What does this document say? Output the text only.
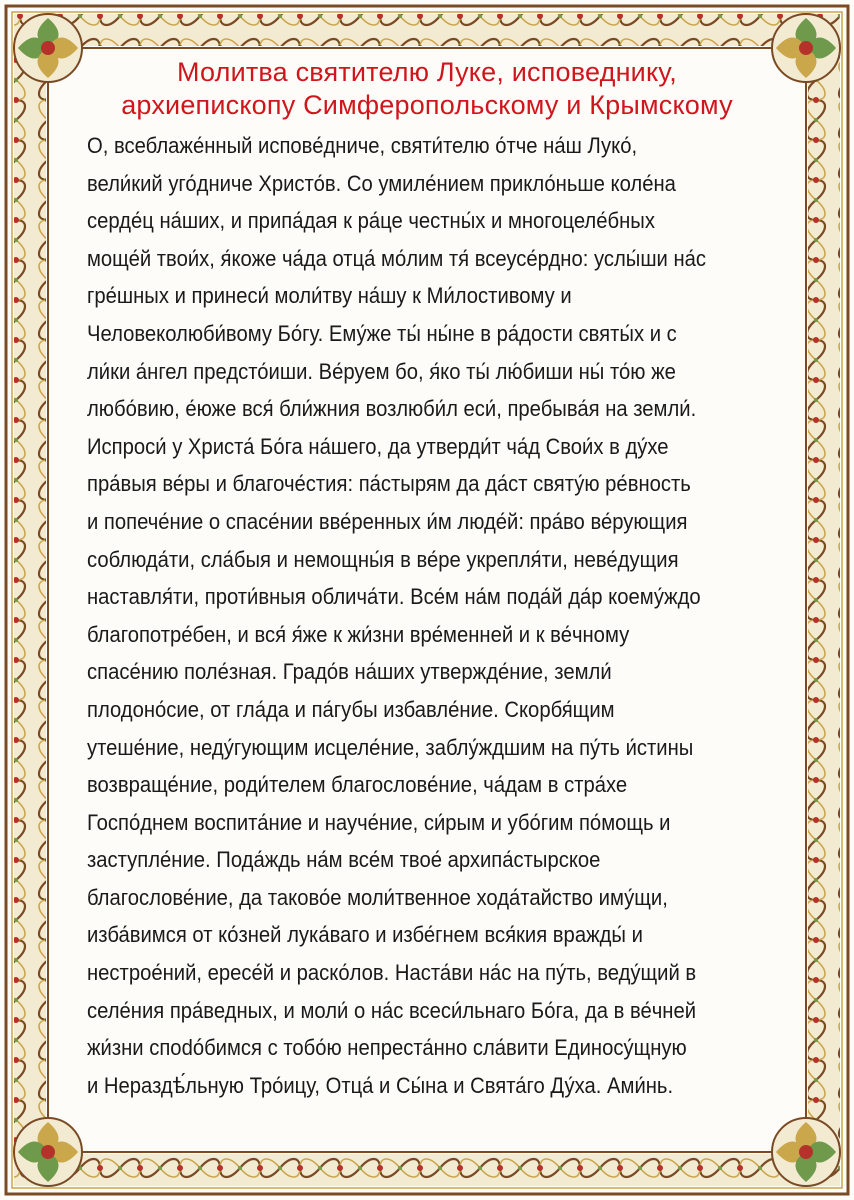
Молитва святителю Луке, исповеднику,
архиепископу Симферопольскому и Крымскому
О, всеблаже́нный испове́дниче, святи́телю о́тче на́ш Луко́,
вели́кий уго́дниче Христо́в. Со умиле́нием прикло́ньше коле́на
серде́ц на́ших, и припа́дая к ра́це честны́х и многоцеле́бных
моще́й твои́х, я́коже ча́да отца́ мо́лим тя́ всеусе́рдно: услы́ши на́с
гре́шных и принеси́ моли́тву на́шу к Ми́лостивому и
Человеколюби́вому Бо́гу. Ему́же ты́ ны́не в ра́дости святы́х и с
ли́ки а́нгел предсто́иши. Ве́руем бо, я́ко ты́ лю́биши ны́ то́ю же
любо́вию, е́юже вся́ бли́жния возлюби́л еси́, пребыва́я на земли́.
Испроси́ у Христа́ Бо́га на́шего, да утверди́т ча́д Свои́х в ду́хе
пра́выя ве́ры и благоче́стия: па́стырям да да́ст святу́ю ре́вность
и попече́ние о спасе́нии вве́ренных и́м люде́й: пра́во ве́рующия
соблюда́ти, сла́быя и немощны́я в ве́ре укрепля́ти, неве́дущия
наставля́ти, проти́вныя облича́ти. Все́м на́м пода́й да́р коему́ждо
благопотре́бен, и вся́ я́же к жи́зни вре́менней и к ве́чному
спасе́нию поле́зная. Градо́в на́ших утвержде́ние, земли́
плодоно́сие, от гла́да и па́губы избавле́ние. Скорбя́щим
утеше́ние, неду́гующим исцеле́ние, заблу́ждшим на пу́ть и́стины
возвраще́ние, роди́телем благослове́ние, ча́дам в стра́хе
Госпо́днем воспита́ние и науче́ние, си́рым и убо́гим по́мощь и
заступле́ние. Пода́ждь на́м все́м твое́ архипа́стырское
благослове́ние, да таково́е моли́твенное хода́тайство иму́щи,
изба́вимся от ко́зней лука́ваго и избе́гнем вся́кия вражды́ и
нестрое́ний, ересе́й и раско́лов. Наста́ви на́с на пу́ть, веду́щий в
селе́ния пра́ведных, и моли́ о на́с всеси́льнаго Бо́га, да в ве́чней
жи́зни спodóбимся с тобо́ю непреста́нно сла́вити Единосу́щную
и Нераздѣ́льную Тро́ицу, Отца́ и Сы́на и Свята́го Ду́ха. Ами́нь.
